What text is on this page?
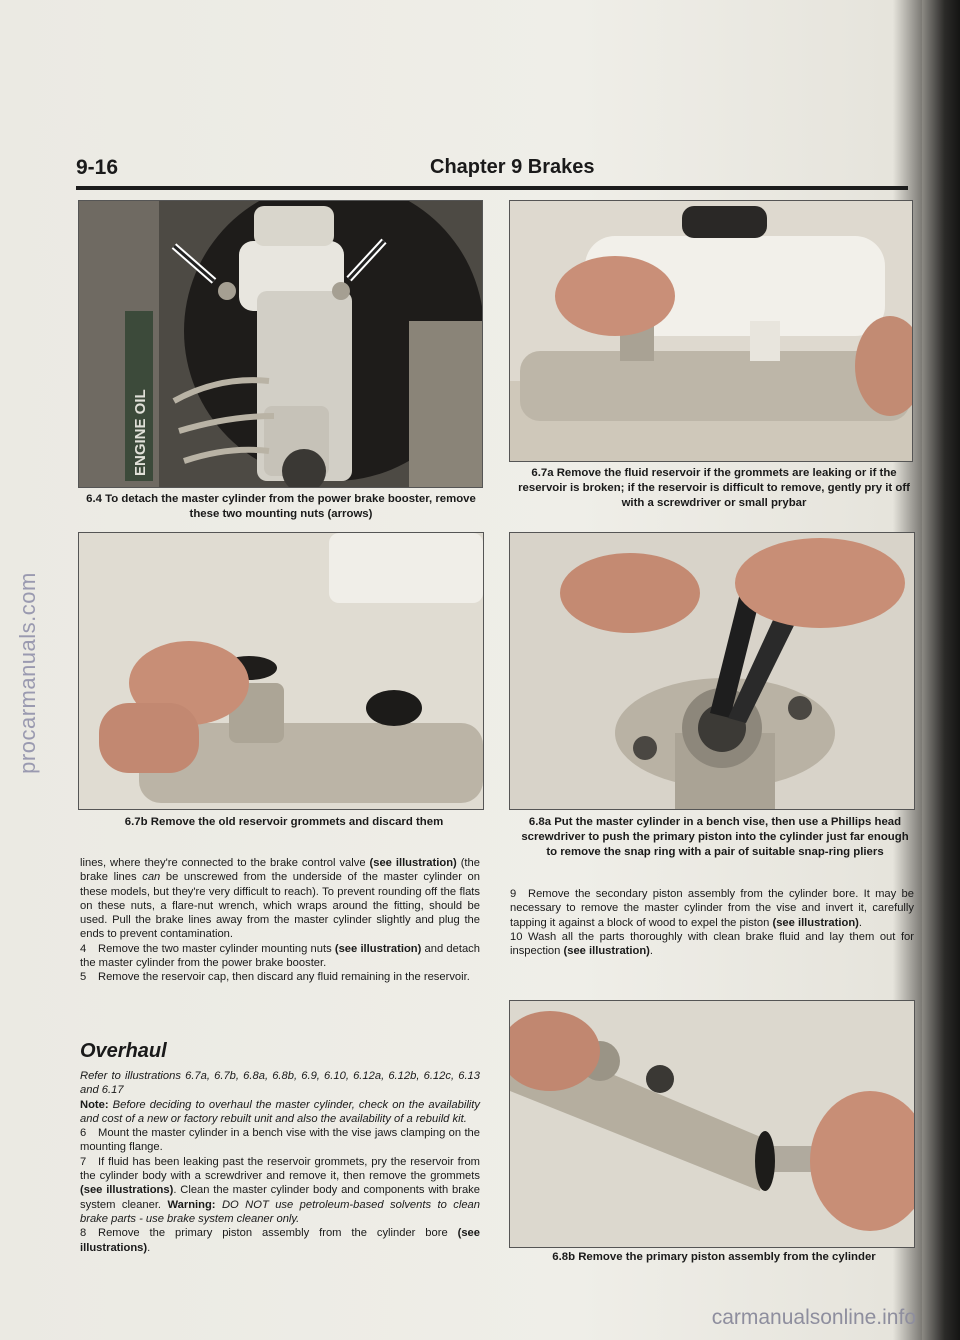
procarmanuals.com
carmanualsonline.info
9-16	Chapter 9 Brakes
ENGINE OIL
6.4 To detach the master cylinder from the power brake booster, remove these two mounting nuts (arrows)
6.7a Remove the fluid reservoir if the grommets are leaking or if the reservoir is broken; if the reservoir is difficult to remove, gently pry it off with a screwdriver or small prybar
6.7b Remove the old reservoir grommets and discard them	6.8a Put the master cylinder in a bench vise, then use a Phillips head screwdriver to push the primary piston into the cylinder just far enough to remove the snap ring with a pair of suitable snap-ring pliers

lines, where they're connected to the brake control valve (see illustration) (the brake lines can be unscrewed from the underside of the master cylinder on these models, but they're very difficult to reach). To prevent rounding off the flats on these nuts, a flare-nut wrench, which wraps around the fitting, should be used. Pull the brake lines away from the master cylinder slightly and plug the ends to prevent contamination.

4 Remove the two master cylinder mounting nuts (see illustration) and detach the master cylinder from the power brake booster.

5 Remove the reservoir cap, then discard any fluid remaining in the reservoir.

Overhaul

Refer to illustrations 6.7a, 6.7b, 6.8a, 6.8b, 6.9, 6.10, 6.12a, 6.12b, 6.12c, 6.13 and 6.17

Note: Before deciding to overhaul the master cylinder, check on the availability and cost of a new or factory rebuilt unit and also the availability of a rebuild kit.

6 Mount the master cylinder in a bench vise with the vise jaws clamping on the mounting flange.

7 If fluid has been leaking past the reservoir grommets, pry the reservoir from the cylinder body with a screwdriver and remove it, then remove the grommets (see illustrations). Clean the master cylinder body and components with brake system cleaner. Warning: DO NOT use petroleum-based solvents to clean brake parts - use brake system cleaner only.

8 Remove the primary piston assembly from the cylinder bore (see illustrations).

9 Remove the secondary piston assembly from the cylinder bore. It may be necessary to remove the master cylinder from the vise and invert it, carefully tapping it against a block of wood to expel the piston (see illustration).

10 Wash all the parts thoroughly with clean brake fluid and lay them out for inspection (see illustration).

6.8b Remove the primary piston assembly from the cylinder
